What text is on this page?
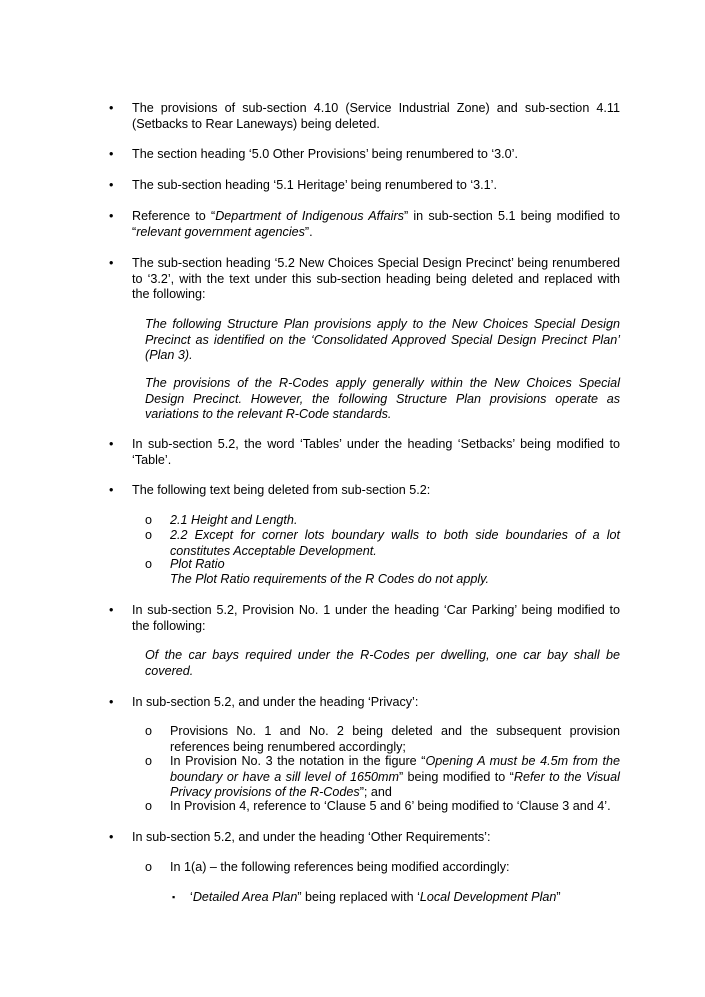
• The provisions of sub-section 4.10 (Service Industrial Zone) and sub-section 4.11 (Setbacks to Rear Laneways) being deleted.

• The section heading ‘5.0 Other Provisions’ being renumbered to ‘3.0’.

• The sub-section heading ‘5.1 Heritage’ being renumbered to ‘3.1’.

• Reference to “Department of Indigenous Affairs” in sub-section 5.1 being modified to “relevant government agencies”.

• The sub-section heading ‘5.2 New Choices Special Design Precinct’ being renumbered to ‘3.2’, with the text under this sub-section heading being deleted and replaced with the following:

The following Structure Plan provisions apply to the New Choices Special Design Precinct as identified on the ‘Consolidated Approved Special Design Precinct Plan’ (Plan 3).

The provisions of the R-Codes apply generally within the New Choices Special Design Precinct. However, the following Structure Plan provisions operate as variations to the relevant R-Code standards.

• In sub-section 5.2, the word ‘Tables’ under the heading ‘Setbacks’ being modified to ‘Table’.

• The following text being deleted from sub-section 5.2:

o 2.1 Height and Length.

o 2.2 Except for corner lots boundary walls to both side boundaries of a lot constitutes Acceptable Development.

o Plot Ratio

The Plot Ratio requirements of the R Codes do not apply.

• In sub-section 5.2, Provision No. 1 under the heading ‘Car Parking’ being modified to the following:

Of the car bays required under the R-Codes per dwelling, one car bay shall be covered.

• In sub-section 5.2, and under the heading ‘Privacy’:

o Provisions No. 1 and No. 2 being deleted and the subsequent provision references being renumbered accordingly;

o In Provision No. 3 the notation in the figure “Opening A must be 4.5m from the boundary or have a sill level of 1650mm” being modified to “Refer to the Visual Privacy provisions of the R-Codes”; and

o In Provision 4, reference to ‘Clause 5 and 6’ being modified to ‘Clause 3 and 4’.

• In sub-section 5.2, and under the heading ‘Other Requirements’:

o In 1(a) – the following references being modified accordingly:

▪ ‘Detailed Area Plan” being replaced with ‘Local Development Plan”
